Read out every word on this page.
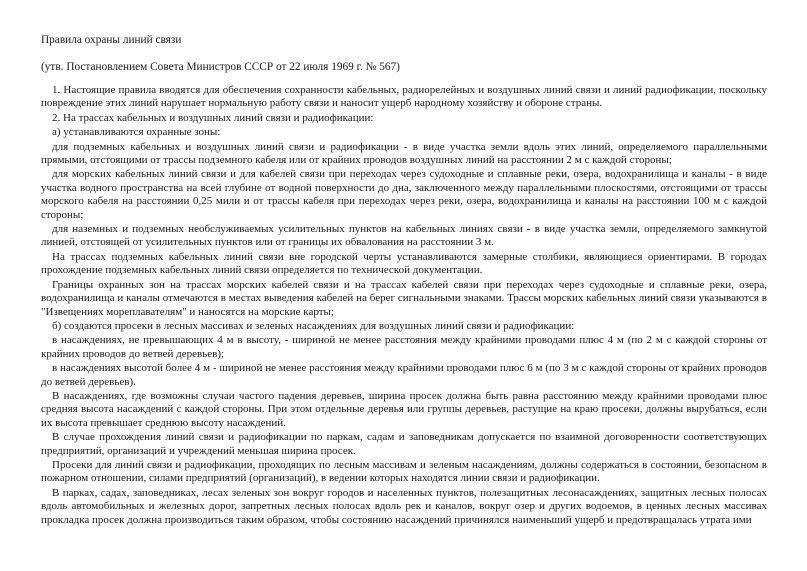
Правила охраны линий связи
(утв. Постановлением Совета Министров СССР от 22 июля 1969 г. № 567)

1. Настоящие правила вводятся для обеспечения сохранности кабельных, радиорелейных и воздушных линий связи и линий радиофикации, поскольку повреждение этих линий нарушает нормальную работу связи и наносит ущерб народному хозяйству и обороне страны.

2. На трассах кабельных и воздушных линий связи и радиофикации:

а) устанавливаются охранные зоны:

для подземных кабельных и воздушных линий связи и радиофикации - в виде участка земли вдоль этих линий, определяемого параллельными прямыми, отстоящими от трассы подземного кабеля или от крайних проводов воздушных линий на расстоянии 2 м с каждой стороны;

для морских кабельных линий связи и для кабелей связи при переходах через судоходные и сплавные реки, озера, водохранилища и каналы - в виде участка водного пространства на всей глубине от водной поверхности до дна, заключенного между параллельными плоскостями, отстоящими от трассы морского кабеля на расстоянии 0,25 мили и от трассы кабеля при переходах через реки, озера, водохранилища и каналы на расстоянии 100 м с каждой стороны;

для наземных и подземных необслуживаемых усилительных пунктов на кабельных линиях связи - в виде участка земли, определяемого замкнутой линией, отстоящей от усилительных пунктов или от границы их обвалования на расстоянии 3 м.

На трассах подземных кабельных линий связи вне городской черты устанавливаются замерные столбики, являющиеся ориентирами. В городах прохождение подземных кабельных линий связи определяется по технической документации.

Границы охранных зон на трассах морских кабелей связи и на трассах кабелей связи при переходах через судоходные и сплавные реки, озера, водохранилища и каналы отмечаются в местах выведения кабелей на берег сигнальными знаками. Трассы морских кабельных линий связи указываются в "Извещениях мореплавателям" и наносятся на морские карты;

б) создаются просеки в лесных массивах и зеленых насаждениях для воздушных линий связи и радиофикации:

в насаждениях, не превышающих 4 м в высоту, - шириной не менее расстояния между крайними проводами плюс 4 м (по 2 м с каждой стороны от крайних проводов до ветвей деревьев);

в насаждениях высотой более 4 м - шириной не менее расстояния между крайними проводами плюс 6 м (по 3 м с каждой стороны от крайних проводов до ветвей деревьев).

В насаждениях, где возможны случаи частого падения деревьев, ширина просек должна быть равна расстоянию между крайними проводами плюс средняя высота насаждений с каждой стороны. При этом отдельные деревья или группы деревьев, растущие на краю просеки, должны вырубаться, если их высота превышает среднюю высоту насаждений.

В случае прохождения линий связи и радиофикации по паркам, садам и заповедникам допускается по взаимной договоренности соответствующих предприятий, организаций и учреждений меньшая ширина просек.

Просеки для линий связи и радиофикации, проходящих по лесным массивам и зеленым насаждениям, должны содержаться в состоянии, безопасном в пожарном отношении, силами предприятий (организаций), в ведении которых находятся линии связи и радиофикации.

В парках, садах, заповедниках, лесах зеленых зон вокруг городов и населенных пунктов, полезащитных лесонасаждениях, защитных лесных полосах вдоль автомобильных и железных дорог, запретных лесных полосах вдоль рек и каналов, вокруг озер и других водоемов, в ценных лесных массивах прокладка просек должна производиться таким образом, чтобы состоянию насаждений причинялся наименьший ущерб и предотвращалась утрата ими
